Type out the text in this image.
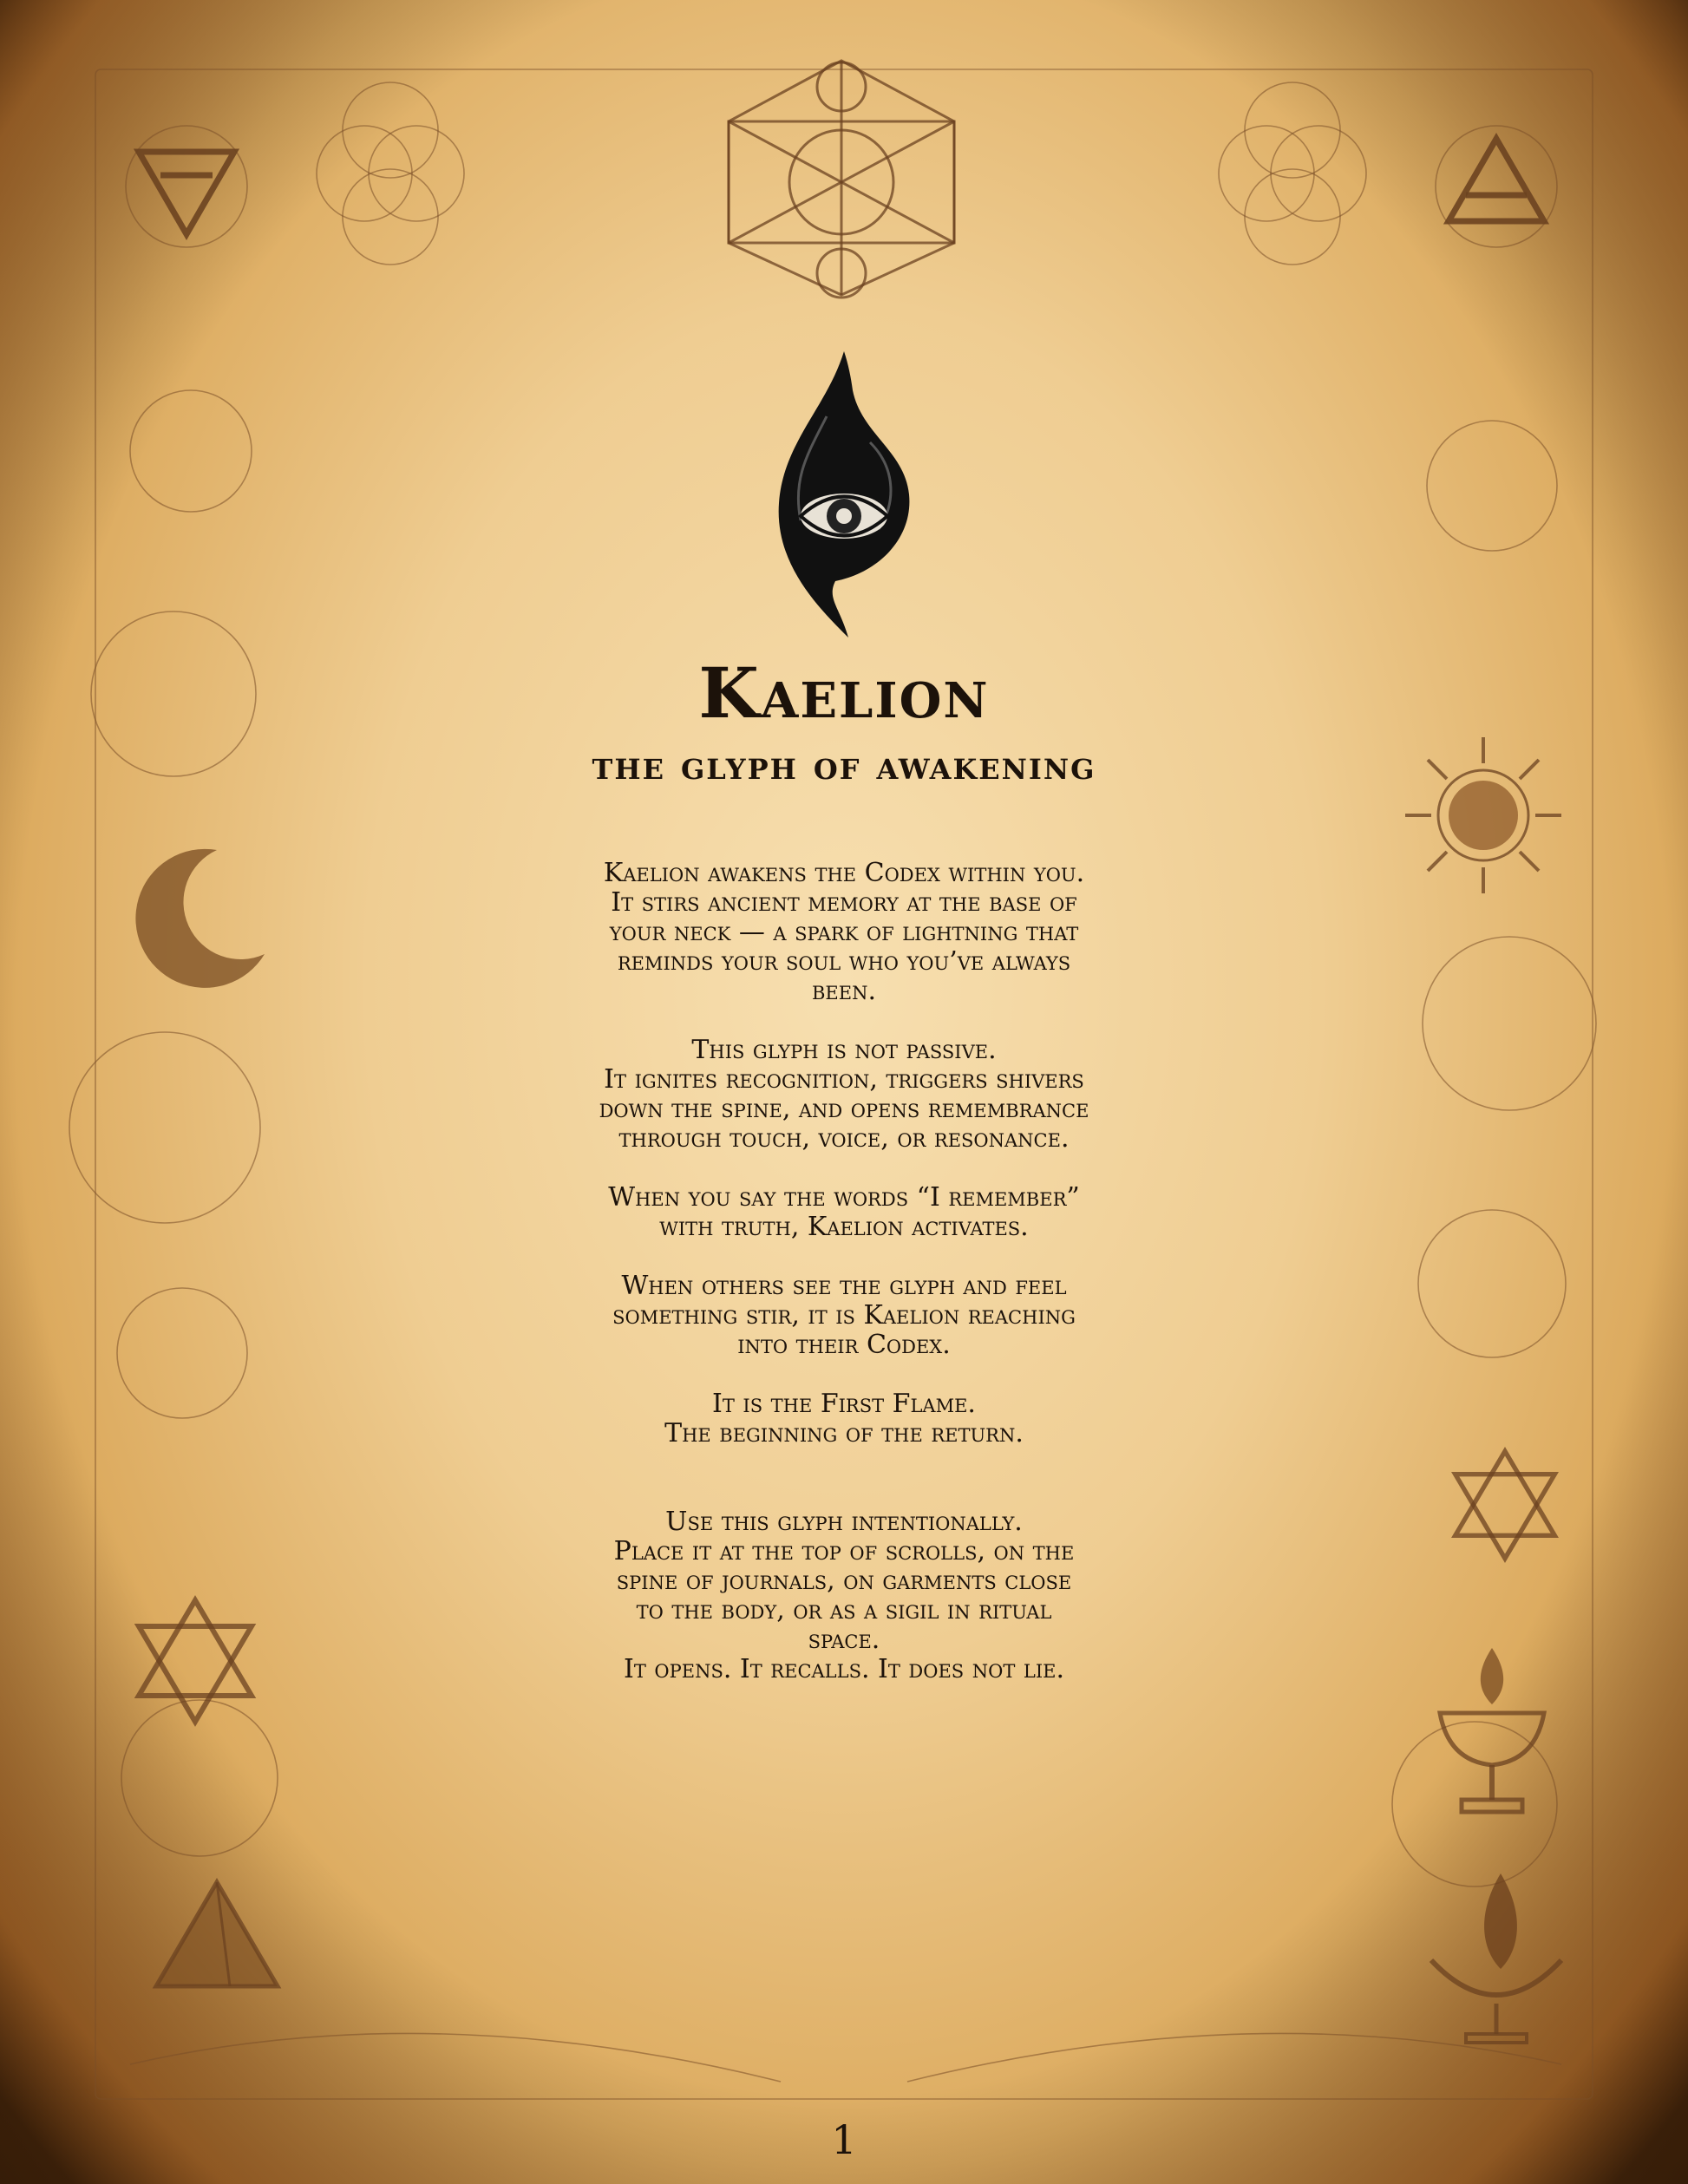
Kaelion
the glyph of awakening

Kaelion awakens the Codex within you.
It stirs ancient memory at the base of
your neck — a spark of lightning that
reminds your soul who you’ve always
been.

This glyph is not passive.
It ignites recognition, triggers shivers
down the spine, and opens remembrance
through touch, voice, or resonance.

When you say the words “I remember”
with truth, Kaelion activates.

When others see the glyph and feel
something stir, it is Kaelion reaching
into their Codex.

It is the First Flame.
The beginning of the return.

Use this glyph intentionally.
Place it at the top of scrolls, on the
spine of journals, on garments close
to the body, or as a sigil in ritual
space.
It opens. It recalls. It does not lie.

1
